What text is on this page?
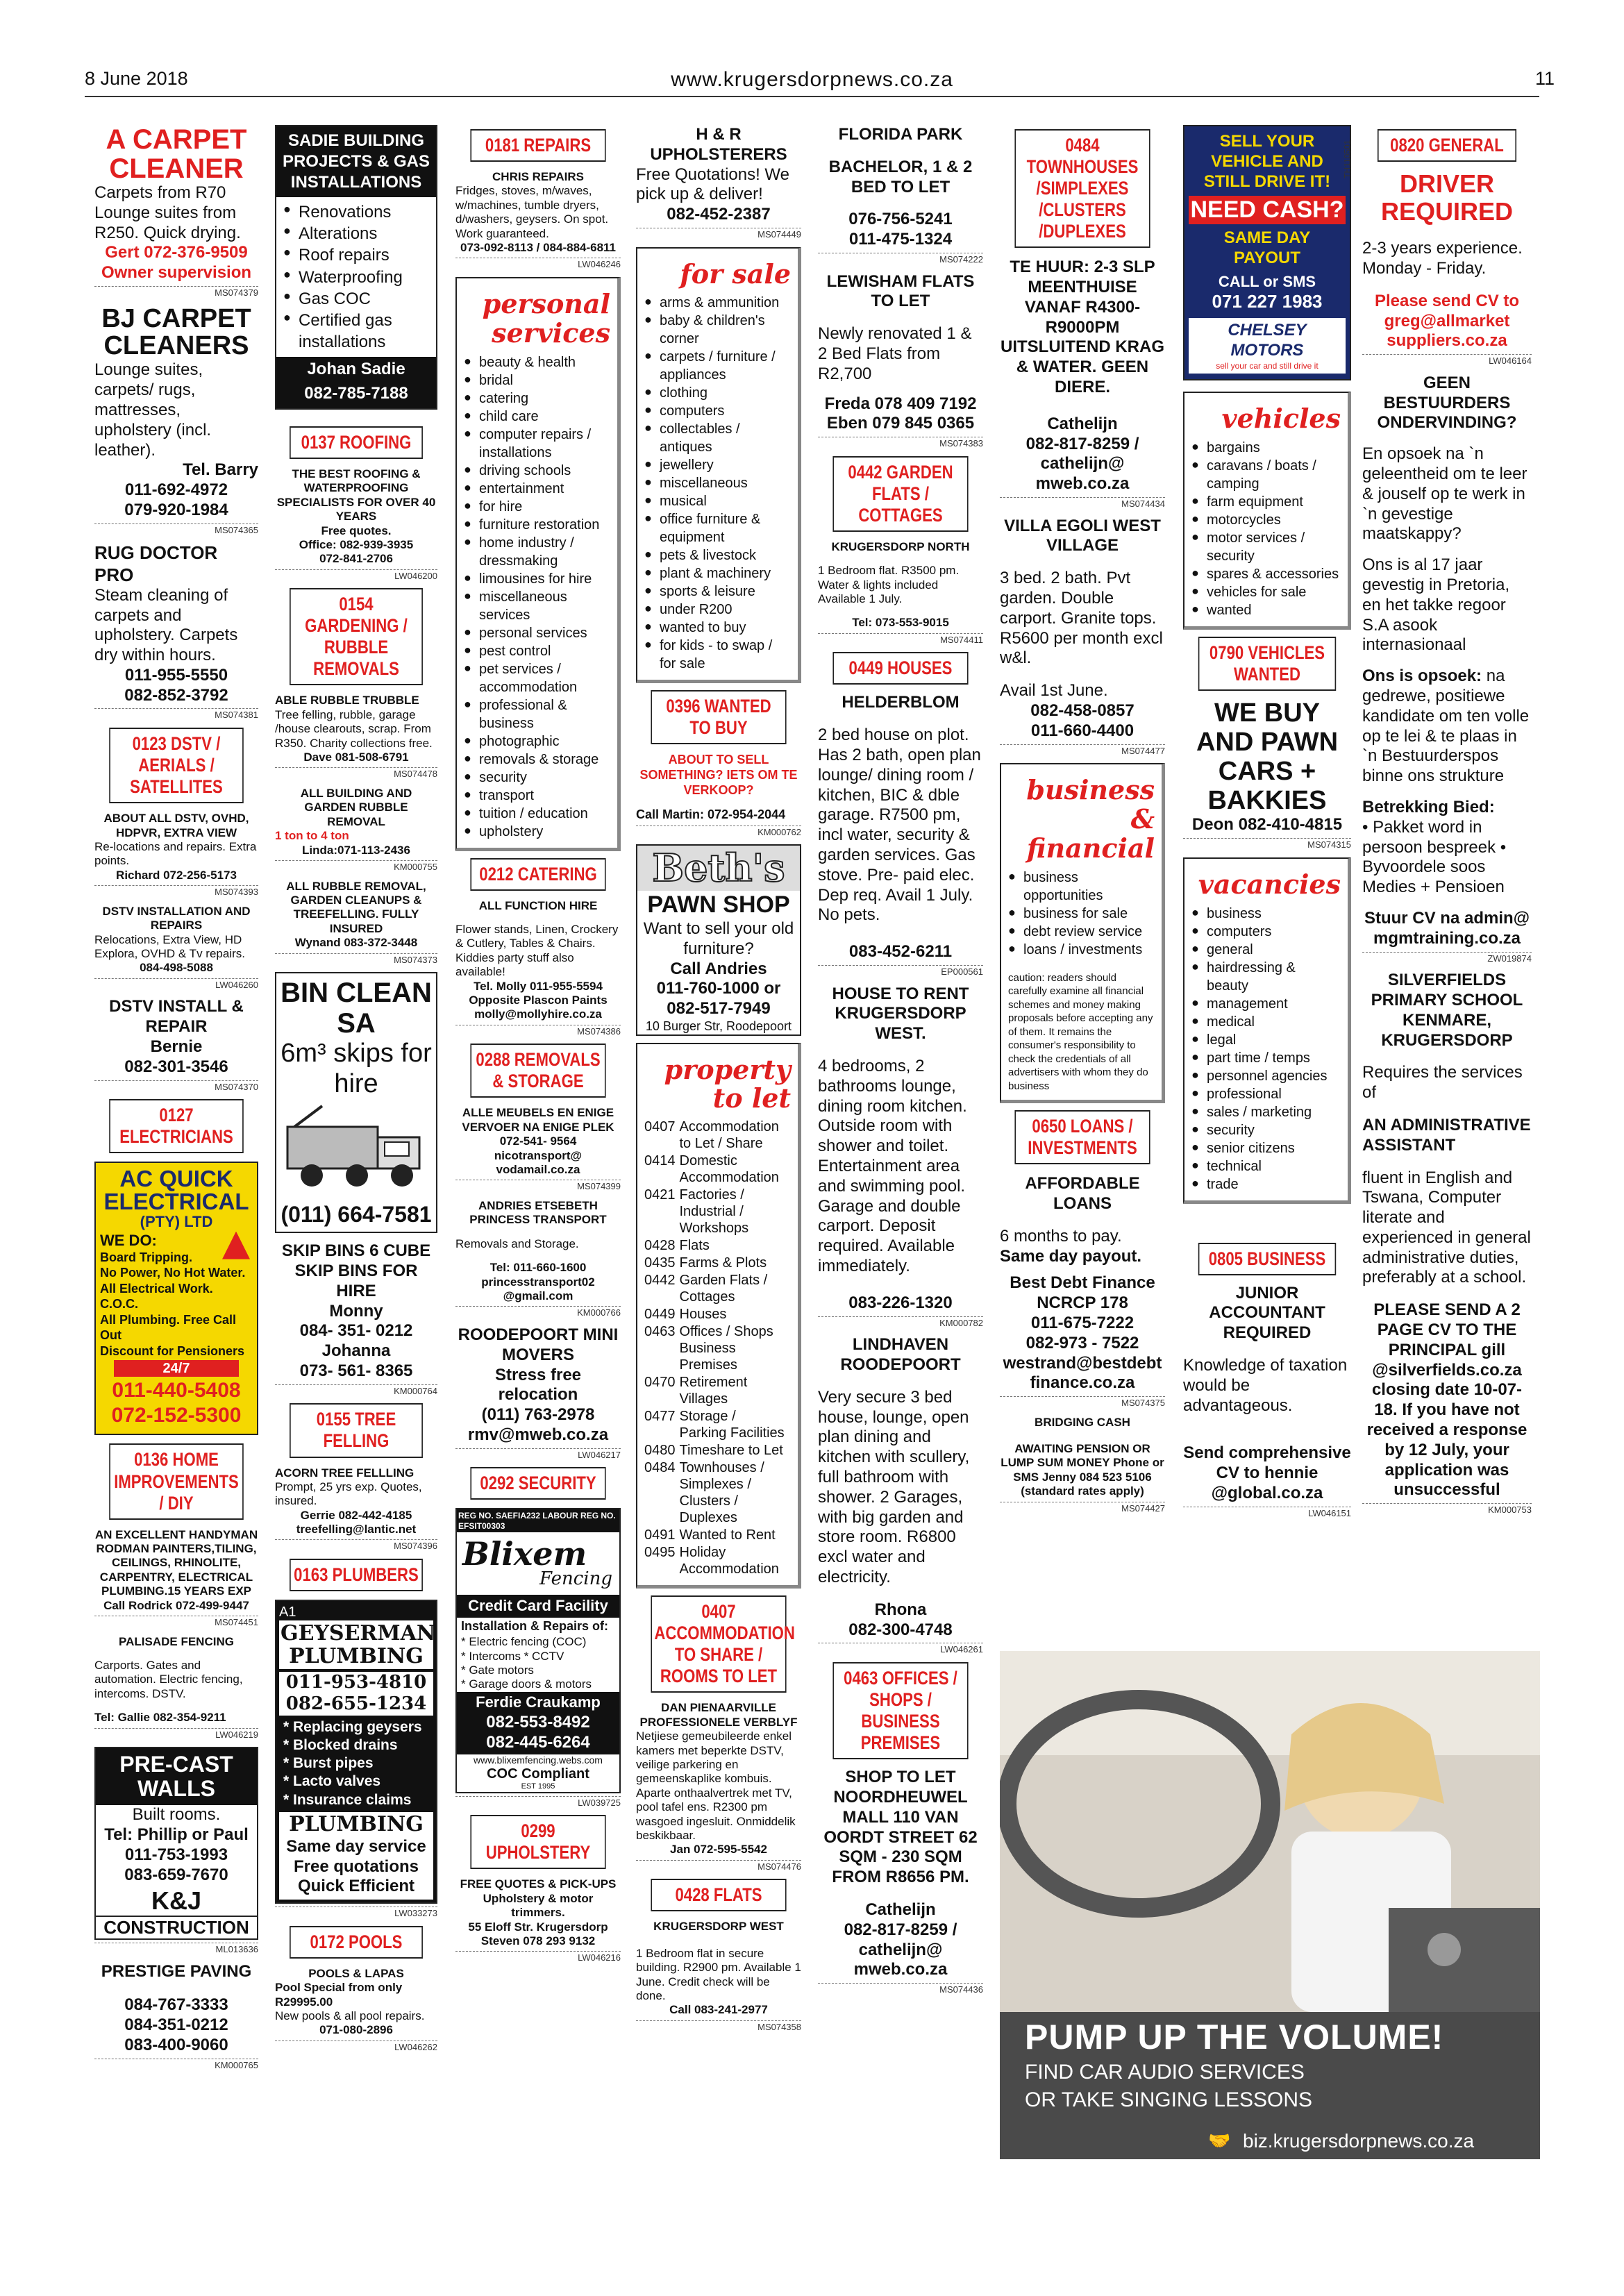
8 June 2018	www.krugersdorpnews.co.za	11
A CARPET CLEANER
Carpets from R70 Lounge suites from R250. Quick drying.
Gert 072-376-9509
Owner supervision
MS074379
BJ CARPET CLEANERS
Lounge suites, carpets/ rugs, mattresses, upholstery (incl. leather).
Tel. Barry
011-692-4972
079-920-1984
MS074365
RUG DOCTOR PRO
Steam cleaning of carpets and upholstery. Carpets dry within hours.
011-955-5550
082-852-3792
MS074381
0123 DSTV / AERIALS / SATELLITES
ABOUT ALL DSTV, OVHD, HDPVR, EXTRA VIEW
Re-locations and repairs. Extra points.
Richard 072-256-5173
MS074393
DSTV INSTALLATION AND REPAIRS
Relocations, Extra View, HD Explora, OVHD & Tv repairs.
084-498-5088
LW046260
DSTV INSTALL & REPAIR
Bernie
082-301-3546
MS074370
0127 ELECTRICIANS
AC QUICK ELECTRICAL
(PTY) LTD
WE DO:
Board Tripping.
No Power, No Hot Water.
All Electrical Work. C.O.C.
All Plumbing. Free Call Out
Discount for Pensioners
24/7
011-440-5408
072-152-5300
0136 HOME IMPROVEMENTS / DIY
AN EXCELLENT HANDYMAN RODMAN PAINTERS,TILING, CEILINGS, RHINOLITE, CARPENTRY, ELECTRICAL PLUMBING.15 YEARS EXP
Call Rodrick 072-499-9447
MS074451
PALISADE FENCING
Carports. Gates and automation. Electric fencing, intercoms. DSTV.
Tel: Gallie 082-354-9211
LW046219
PRE-CAST WALLS
Built rooms.
Tel: Phillip or Paul
011-753-1993
083-659-7670
K&J
CONSTRUCTION
ML013636
PRESTIGE PAVING
084-767-3333
084-351-0212
083-400-9060
KM000765
SADIE BUILDING PROJECTS & GAS INSTALLATIONS
● Renovations
● Alterations
● Roof repairs
● Waterproofing
● Gas COC
● Certified gas installations
Johan Sadie
082-785-7188
0137 ROOFING
THE BEST ROOFING & WATERPROOFING SPECIALISTS FOR OVER 40 YEARS
Free quotes.
Office: 082-939-3935
072-841-2706
LW046200
0154 GARDENING / RUBBLE REMOVALS
ABLE RUBBLE TRUBBLE
Tree felling, rubble, garage /house clearouts, scrap. From R350. Charity collections free.
Dave 081-508-6791
MS074478
ALL BUILDING AND GARDEN RUBBLE REMOVAL
1 ton to 4 ton
Linda:071-113-2436
KM000755
ALL RUBBLE REMOVAL, GARDEN CLEANUPS & TREEFELLING. FULLY INSURED
Wynand 083-372-3448
MS074373
BIN CLEAN SA
6m³ skips for hire
(011) 664-7581
SKIP BINS 6 CUBE SKIP BINS FOR HIRE
Monny
084- 351- 0212
Johanna
073- 561- 8365
KM000764
0155 TREE FELLING
ACORN TREE FELLLING
Prompt, 25 yrs exp. Quotes, insured.
Gerrie 082-442-4185
treefelling@lantic.net
MS074396
0163 PLUMBERS
A1
GEYSERMAN PLUMBING
011-953-4810
082-655-1234
* Replacing geysers
* Blocked drains
* Burst pipes
* Lacto valves
* Insurance claims
PLUMBING
Same day service
Free quotations
Quick Efficient
LW033273
0172 POOLS
POOLS & LAPAS
Pool Special from only R29995.00
New pools & all pool repairs.
071-080-2896
LW046262
0181 REPAIRS
CHRIS REPAIRS
Fridges, stoves, m/waves, w/machines, tumble dryers, d/washers, geysers. On spot. Work guaranteed.
073-092-8113 / 084-884-6811
LW046246
personal services
● beauty & health
● bridal
● catering
● child care
● computer repairs / installations
● driving schools
● entertainment
● for hire
● furniture restoration
● home industry / dressmaking
● limousines for hire
● miscellaneous services
● personal services
● pest control
● pet services / accommodation
● professional & business
● photographic
● removals & storage
● security
● transport
● tuition / education
● upholstery
0212 CATERING
ALL FUNCTION HIRE
Flower stands, Linen, Crockery & Cutlery, Tables & Chairs. Kiddies party stuff also available!
Tel. Molly 011-955-5594
Opposite Plascon Paints
molly@mollyhire.co.za
MS074386
0288 REMOVALS & STORAGE
ALLE MEUBELS EN ENIGE VERVOER NA ENIGE PLEK
072-541- 9564
nicotransport@ vodamail.co.za
MS074399
ANDRIES ETSEBETH PRINCESS TRANSPORT
Removals and Storage.
Tel: 011-660-1600
princesstransport02 @gmail.com
KM000766
ROODEPOORT MINI MOVERS
Stress free relocation
(011) 763-2978
rmv@mweb.co.za
LW046217
0292 SECURITY
REG NO. SAEFIA232 LABOUR REG NO. EFSIT00303
Blixem
Fencing
Credit Card Facility
Installation & Repairs of:
* Electric fencing (COC)
* Intercoms * CCTV
* Gate motors
* Garage doors & motors
Ferdie Craukamp
082-553-8492
082-445-6264
www.blixemfencing.webs.com
COC Compliant
EST 1995
LW039725
0299 UPHOLSTERY
FREE QUOTES & PICK-UPS Upholstery & motor trimmers.
55 Eloff Str. Krugersdorp
Steven 078 293 9132
LW046216
H & R UPHOLSTERERS
Free Quotations! We pick up & deliver!
082-452-2387
MS074449
for sale
● arms & ammunition
● baby & children's corner
● carpets / furniture / appliances
● clothing
● computers
● collectables / antiques
● jewellery
● miscellaneous
● musical
● office furniture & equipment
● pets & livestock
● plant & machinery
● sports & leisure
● under R200
● wanted to buy
● for kids - to swap / for sale
0396 WANTED TO BUY
ABOUT TO SELL SOMETHING? IETS OM TE VERKOOP?
Call Martin: 072-954-2044
KM000762
Beth's
PAWN SHOP
Want to sell your old furniture?
Call Andries
011-760-1000 or
082-517-7949
10 Burger Str, Roodepoort
property to let
0407	Accommodation to Let / Share
0414	Domestic Accommodation
0421	Factories / Industrial / Workshops
0428	Flats
0435	Farms & Plots
0442	Garden Flats / Cottages
0449	Houses
0463	Offices / Shops Business Premises
0470	Retirement Villages
0477	Storage / Parking Facilities
0480	Timeshare to Let
0484	Townhouses / Simplexes / Clusters / Duplexes
0491	Wanted to Rent
0495	Holiday Accommodation
0407 ACCOMMODATION TO SHARE / ROOMS TO LET
DAN PIENAARVILLE PROFESSIONELE VERBLYF
Netjiese gemeubileerde enkel kamers met beperkte DSTV, veilige parkering en gemeenskaplike kombuis. Aparte onthaalvertrek met TV, pool tafel ens. R2300 pm wasgoed ingesluit. Onmiddelik beskikbaar.
Jan 072-595-5542
MS074476
0428 FLATS
KRUGERSDORP WEST
1 Bedroom flat in secure building. R2900 pm. Available 1 June. Credit check will be done.
Call 083-241-2977
MS074358
FLORIDA PARK
BACHELOR, 1 & 2 BED TO LET
076-756-5241
011-475-1324
MS074222
LEWISHAM FLATS TO LET
Newly renovated 1 & 2 Bed Flats from R2,700
Freda 078 409 7192
Eben 079 845 0365
MS074383
0442 GARDEN FLATS / COTTAGES
KRUGERSDORP NORTH
1 Bedroom flat. R3500 pm. Water & lights included Available 1 July.
Tel: 073-553-9015
MS074411
0449 HOUSES
HELDERBLOM
2 bed house on plot. Has 2 bath, open plan lounge/ dining room / kitchen, BIC & dble garage. R7500 pm, incl water, security & garden services. Gas stove. Pre- paid elec. Dep req. Avail 1 July. No pets.
083-452-6211
EP000561
HOUSE TO RENT KRUGERSDORP WEST.
4 bedrooms, 2 bathrooms lounge, dining room kitchen. Outside room with shower and toilet. Entertainment area and swimming pool. Garage and double carport. Deposit required. Available immediately.
083-226-1320
KM000782
LINDHAVEN ROODEPOORT
Very secure 3 bed house, lounge, open plan dining and kitchen with scullery, full bathroom with shower. 2 Garages, with big garden and store room. R6800 excl water and electricity.
Rhona
082-300-4748
LW046261
0463 OFFICES / SHOPS / BUSINESS PREMISES
SHOP TO LET NOORDHEUWEL MALL 110 VAN OORDT STREET 62 SQM - 230 SQM FROM R8656 PM.
Cathelijn
082-817-8259 / cathelijn@ mweb.co.za
MS074436
0484 TOWNHOUSES /SIMPLEXES /CLUSTERS /DUPLEXES
TE HUUR: 2-3 SLP MEENTHUISE VANAF R4300- R9000PM UITSLUITEND KRAG & WATER. GEEN DIERE.
Cathelijn
082-817-8259 / cathelijn@ mweb.co.za
MS074434
VILLA EGOLI WEST VILLAGE
3 bed. 2 bath. Pvt garden. Double carport. Granite tops. R5600 per month excl w&l.
Avail 1st June.
082-458-0857
011-660-4400
MS074477
business & financial
● business opportunities
● business for sale
● debt review service
● loans / investments
caution: readers should carefully examine all financial schemes and money making proposals before accepting any of them. It remains the consumer's responsibility to check the credentials of all advertisers with whom they do business
0650 LOANS / INVESTMENTS
AFFORDABLE LOANS
6 months to pay.
Same day payout.
Best Debt Finance NCRCP 178
011-675-7222
082-973 - 7522
westrand@bestdebt finance.co.za
MS074375
BRIDGING CASH
AWAITING PENSION OR LUMP SUM MONEY Phone or SMS Jenny 084 523 5106 (standard rates apply)
MS074427
PUMP UP THE VOLUME!
FIND CAR AUDIO SERVICES
OR TAKE SINGING LESSONS
🤝 biz.krugersdorpnews.co.za
SELL YOUR VEHICLE AND STILL DRIVE IT!
NEED CASH?
SAME DAY PAYOUT
CALL or SMS
071 227 1983
CHELSEY MOTORS
sell your car and still drive it
TH110501
vehicles
● bargains
● caravans / boats / camping
● farm equipment
● motorcycles
● motor services / security
● spares & accessories
● vehicles for sale
● wanted
0790 VEHICLES WANTED
WE BUY AND PAWN CARS + BAKKIES
Deon 082-410-4815
MS074315
vacancies
● business
● computers
● general
● hairdressing & beauty
● management
● medical
● legal
● part time / temps
● personnel agencies
● professional
● sales / marketing
● security
● senior citizens
● technical
● trade
0805 BUSINESS
JUNIOR ACCOUNTANT REQUIRED
Knowledge of taxation would be advantageous.
Send comprehensive CV to hennie @global.co.za
LW046151
0820 GENERAL
DRIVER REQUIRED
2-3 years experience. Monday - Friday.
Please send CV to greg@allmarket suppliers.co.za
LW046164
GEEN BESTUURDERS ONDERVINDING?
En opsoek na `n geleentheid om te leer & jouself op te werk in `n gevestige maatskappy?
Ons is al 17 jaar gevestig in Pretoria, en het takke regoor S.A asook internasionaal
Ons is opsoek: na gedrewe, positiewe kandidate om ten volle op te lei & te plaas in `n Bestuurderspos binne ons strukture
Betrekking Bied:
• Pakket word in persoon bespreek • Byvoordele soos Medies + Pensioen
Stuur CV na admin@ mgmtraining.co.za
ZW019874
SILVERFIELDS PRIMARY SCHOOL KENMARE, KRUGERSDORP
Requires the services of
AN ADMINISTRATIVE ASSISTANT
fluent in English and Tswana, Computer literate and experienced in general administrative duties, preferably at a school.
PLEASE SEND A 2 PAGE CV TO THE PRINCIPAL gill @silverfields.co.za closing date 10-07-18. If you have not received a response by 12 July, your application was unsuccessful
KM000753
